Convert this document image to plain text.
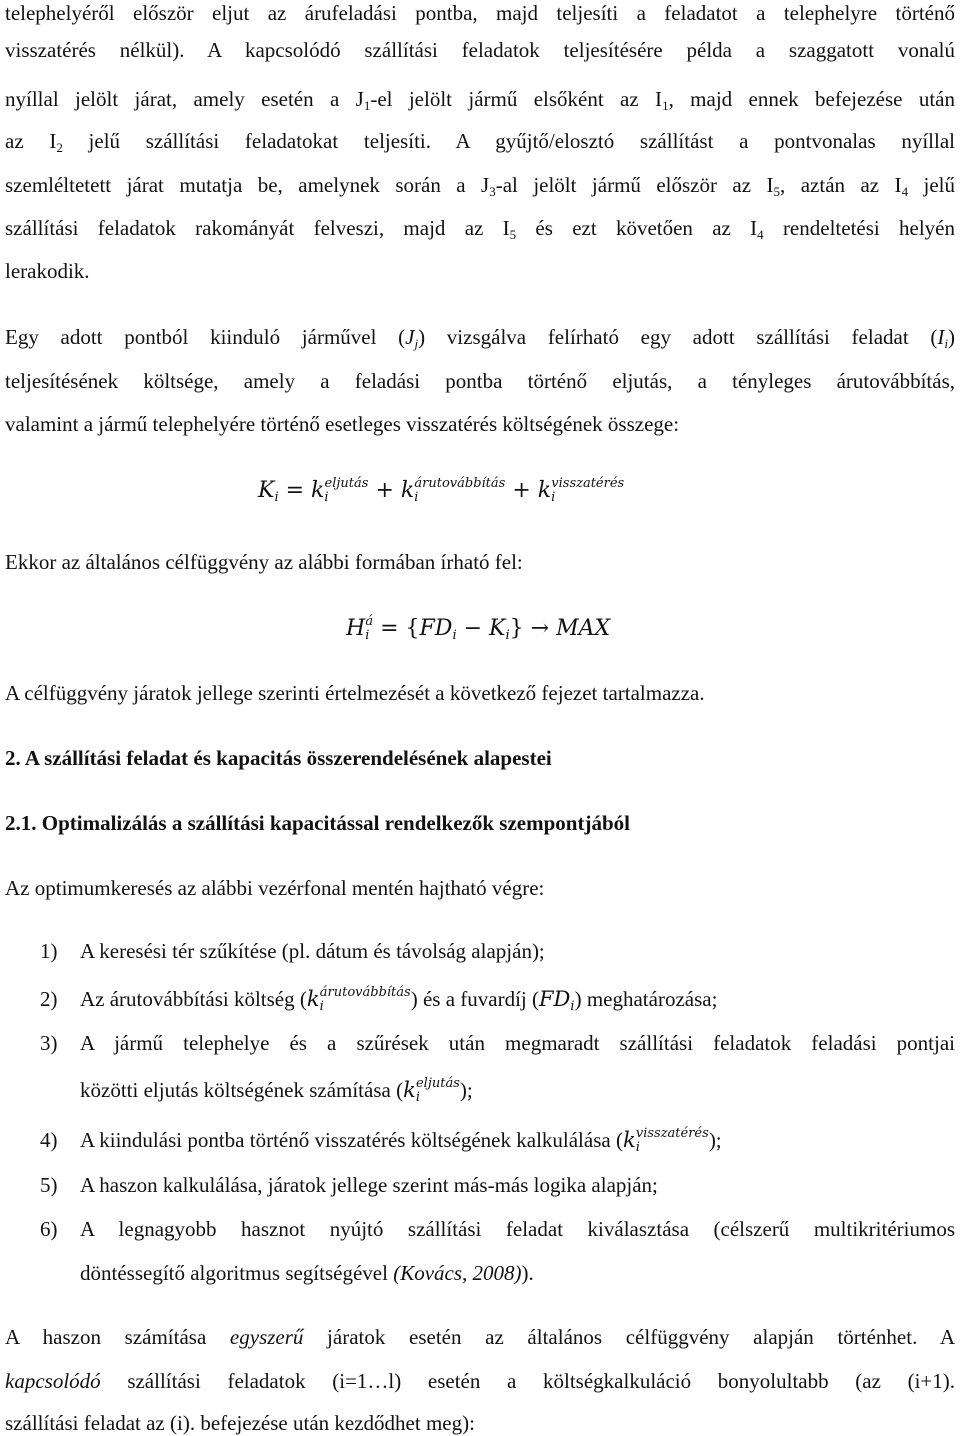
telephelyéről először eljut az árufeladási pontba, majd teljesíti a feladatot a telephelyre történő
visszatérés nélkül). A kapcsolódó szállítási feladatok teljesítésére példa a szaggatott vonalú
nyíllal jelölt járat, amely esetén a $J_1-el$ jelölt jármű elsőként az $I_1$, majd ennek befejezése után
az $I_2$ jelű szállítási feladatokat teljesíti. A gyűjtő/elosztó szállítást a pontvonalas nyíllal
szemléltetett járat mutatja be, amelynek során a $J_3-al$ jelölt jármű először az $I_5$, aztán az $I_4$ jelű
szállítási feladatok rakományát felveszi, majd az $I_5$ és ezt követően az $I_4$ rendeltetési helyén
lerakodik.
Egy adott pontból kiinduló járművel $(J_j)$ vizsgálva felírható egy adott szállítási feladat $(I_i)$
teljesítésének költsége, amely a feladási pontba történő eljutás, a tényleges árutovábbítás,
valamint a jármű telephelyére történő esetleges visszatérés költségének összege:
$K_i = k_i^{eljutás} + k_i^{árutovábbítás} + k_i^{visszatérés}$
Ekkor az általános célfüggvény az alábbi formában írható fel:
$H_i^á = \{FD_i - K_i\}$ → MAX
A célfüggvény járatok jellege szerinti értelmezését a következő fejezet tartalmazza.
2. A szállítási feladat és kapacitás összerendelésének alapestei
2.1. Optimalizálás a szállítási kapacitással rendelkezők szempontjából
Az optimumkeresés az alábbi vezérfonal mentén hajtható végre:
1) A keresési tér szűkítése (pl. dátum és távolság alapján);
2) Az árutovábbítási költség $(k_i^{árutovábbítás})$ és a fuvardíj $(FD_i)$ meghatározása;
3) A jármű telephelye és a szűrések után megmaradt szállítási feladatok feladási pontjai
közötti eljutás költségének számítása $(k_i^{eljutás})$;
4) A kiindulási pontba történő visszatérés költségének kalkulálása $(k_i^{visszatérés})$;
5) A haszon kalkulálása, járatok jellege szerint más-más logika alapján;
6) A legnagyobb hasznot nyújtó szállítási feladat kiválasztása (célszerű multikritériumos
döntéssegítő algoritmus segítségével (Kovács, 2008)).
A haszon számítása egyszerű járatok esetén az általános célfüggvény alapján történhet. A
kapcsolódó szállítási feladatok (i=1…l) esetén a költségkalkuláció bonyolultabb (az (i+1).
szállítási feladat az (i). befejezése után kezdődhet meg):
